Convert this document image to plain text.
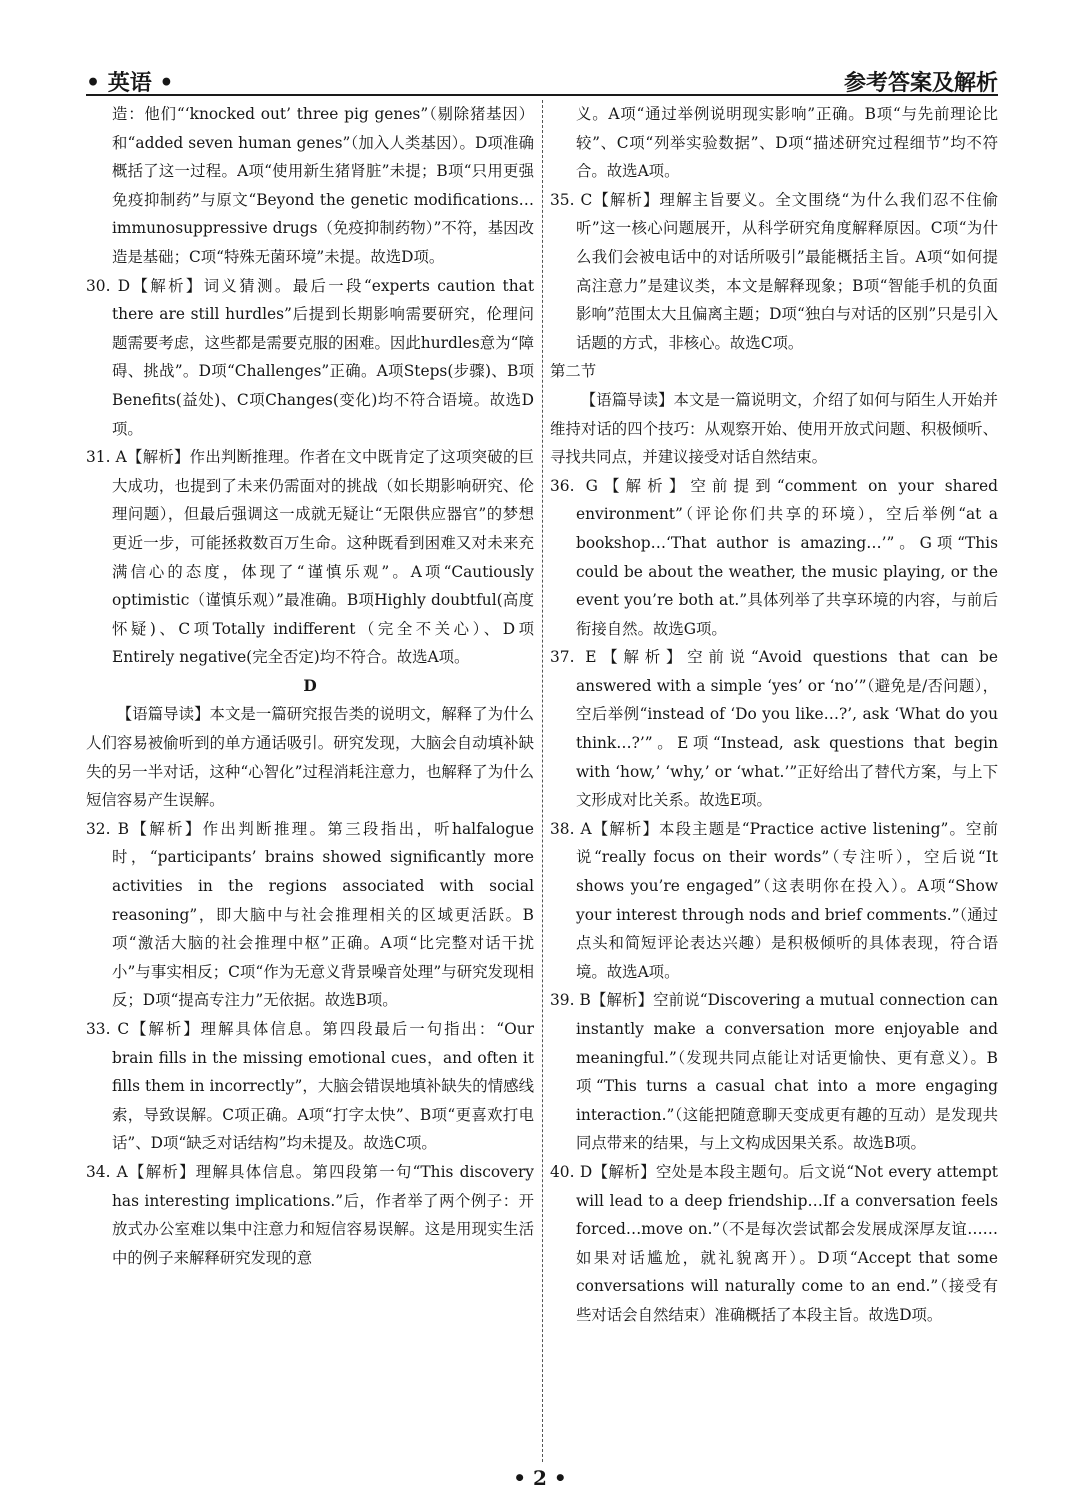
• 英语 •	参考答案及解析

造：他们“‘knocked out’ three pig genes”（剔除猪基因）和“added seven human genes”（加入人类基因）。D项准确概括了这一过程。A项“使用新生猪肾脏”未提；B项“只用更强免疫抑制药”与原文“Beyond the genetic modifications… immunosuppressive drugs（免疫抑制药物）”不符，基因改造是基础；C项“特殊无菌环境”未提。故选D项。

30. D【解析】词义猜测。最后一段“experts caution that there are still hurdles”后提到长期影响需要研究，伦理问题需要考虑，这些都是需要克服的困难。因此hurdles意为“障碍、挑战”。D项“Challenges”正确。A项Steps(步骤)、B项Benefits(益处)、C项Changes(变化)均不符合语境。故选D项。

31. A【解析】作出判断推理。作者在文中既肯定了这项突破的巨大成功，也提到了未来仍需面对的挑战（如长期影响研究、伦理问题），但最后强调这一成就无疑让“无限供应器官”的梦想更近一步，可能拯救数百万生命。这种既看到困难又对未来充满信心的态度，体现了“谨慎乐观”。A项“Cautiously optimistic（谨慎乐观）”最准确。B项Highly doubtful(高度怀疑)、C项Totally indifferent（完全不关心）、D项Entirely negative(完全否定)均不符合。故选A项。

D

【语篇导读】本文是一篇研究报告类的说明文，解释了为什么人们容易被偷听到的单方通话吸引。研究发现，大脑会自动填补缺失的另一半对话，这种“心智化”过程消耗注意力，也解释了为什么短信容易产生误解。

32. B【解析】作出判断推理。第三段指出，听halfalogue时，“participants’ brains showed significantly more activities in the regions associated with social reasoning”，即大脑中与社会推理相关的区域更活跃。B项“激活大脑的社会推理中枢”正确。A项“比完整对话干扰小”与事实相反；C项“作为无意义背景噪音处理”与研究发现相反；D项“提高专注力”无依据。故选B项。

33. C【解析】理解具体信息。第四段最后一句指出：“Our brain fills in the missing emotional cues，and often it fills them in incorrectly”，大脑会错误地填补缺失的情感线索，导致误解。C项正确。A项“打字太快”、B项“更喜欢打电话”、D项“缺乏对话结构”均未提及。故选C项。

34. A【解析】理解具体信息。第四段第一句“This discovery has interesting implications.”后，作者举了两个例子：开放式办公室难以集中注意力和短信容易误解。这是用现实生活中的例子来解释研究发现的意

义。A项“通过举例说明现实影响”正确。B项“与先前理论比较”、C项“列举实验数据”、D项“描述研究过程细节”均不符合。故选A项。

35. C【解析】理解主旨要义。全文围绕“为什么我们忍不住偷听”这一核心问题展开，从科学研究角度解释原因。C项“为什么我们会被电话中的对话所吸引”最能概括主旨。A项“如何提高注意力”是建议类，本文是解释现象；B项“智能手机的负面影响”范围太大且偏离主题；D项“独白与对话的区别”只是引入话题的方式，非核心。故选C项。

第二节

【语篇导读】本文是一篇说明文，介绍了如何与陌生人开始并维持对话的四个技巧：从观察开始、使用开放式问题、积极倾听、寻找共同点，并建议接受对话自然结束。

36. G【解析】空前提到“comment on your shared environment”（评论你们共享的环境），空后举例“at a bookshop…‘That author is amazing…’”。G项“This could be about the weather, the music playing, or the event you’re both at.”具体列举了共享环境的内容，与前后衔接自然。故选G项。

37. E【解析】空前说“Avoid questions that can be answered with a simple ‘yes’ or ‘no’”（避免是/否问题），空后举例“instead of ‘Do you like…?’, ask ‘What do you think…?’”。E项“Instead, ask questions that begin with ‘how,’ ‘why,’ or ‘what.’”正好给出了替代方案，与上下文形成对比关系。故选E项。

38. A【解析】本段主题是“Practice active listening”。空前说“really focus on their words”（专注听），空后说“It shows you’re engaged”（这表明你在投入）。A项“Show your interest through nods and brief comments.”（通过点头和简短评论表达兴趣）是积极倾听的具体表现，符合语境。故选A项。

39. B【解析】空前说“Discovering a mutual connection can instantly make a conversation more enjoyable and meaningful.”（发现共同点能让对话更愉快、更有意义）。B项“This turns a casual chat into a more engaging interaction.”（这能把随意聊天变成更有趣的互动）是发现共同点带来的结果，与上文构成因果关系。故选B项。

40. D【解析】空处是本段主题句。后文说“Not every attempt will lead to a deep friendship…If a conversation feels forced…move on.”（不是每次尝试都会发展成深厚友谊……如果对话尴尬，就礼貌离开）。D项“Accept that some conversations will naturally come to an end.”（接受有些对话会自然结束）准确概括了本段主旨。故选D项。

• 2 •
